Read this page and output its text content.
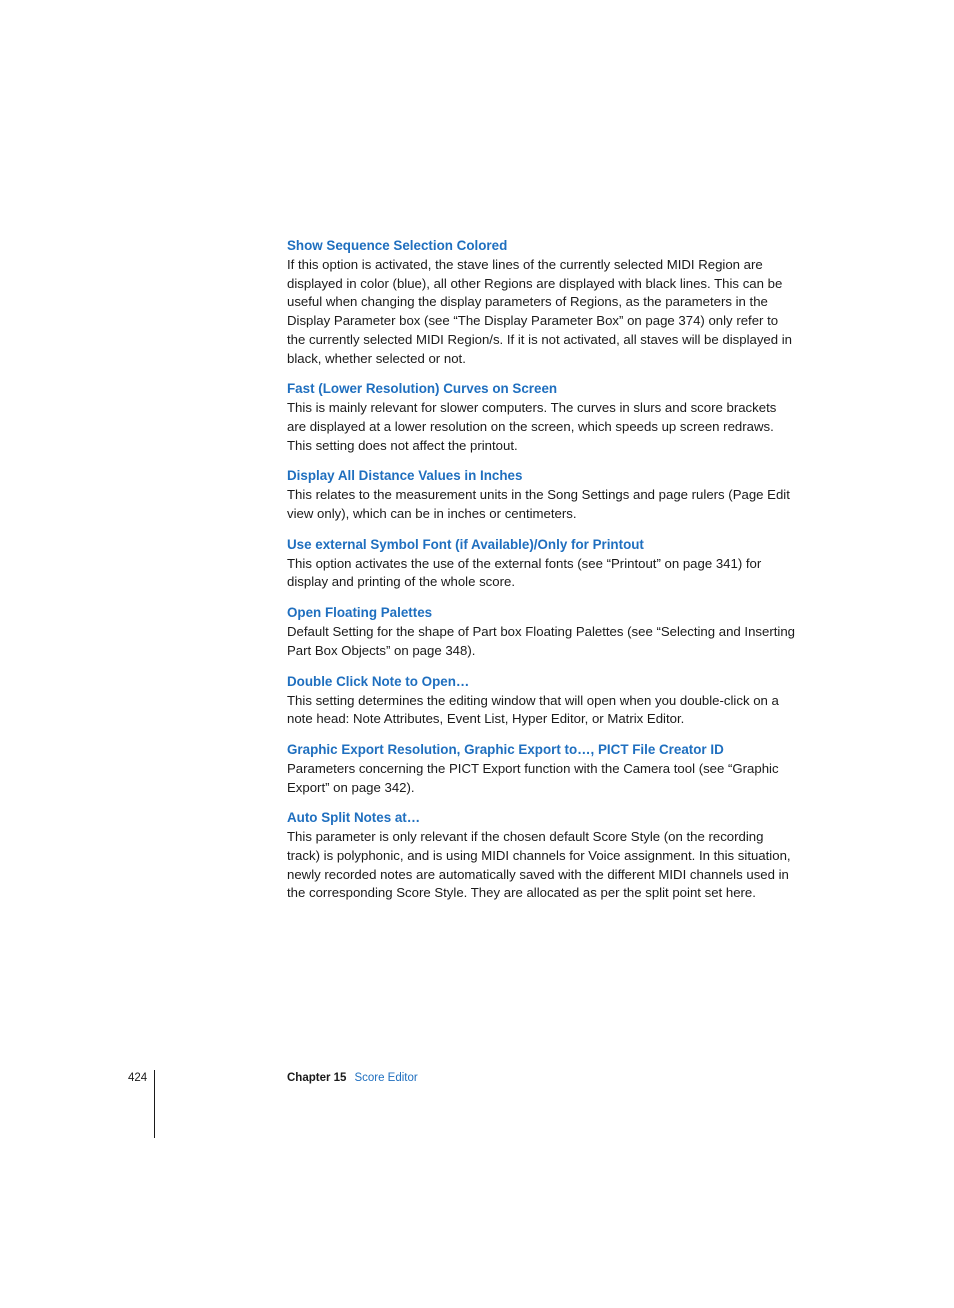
Show Sequence Selection Colored

If this option is activated, the stave lines of the currently selected MIDI Region are displayed in color (blue), all other Regions are displayed with black lines. This can be useful when changing the display parameters of Regions, as the parameters in the Display Parameter box (see “The Display Parameter Box” on page 374) only refer to the currently selected MIDI Region/s. If it is not activated, all staves will be displayed in black, whether selected or not.

Fast (Lower Resolution) Curves on Screen

This is mainly relevant for slower computers. The curves in slurs and score brackets are displayed at a lower resolution on the screen, which speeds up screen redraws. This setting does not affect the printout.

Display All Distance Values in Inches

This relates to the measurement units in the Song Settings and page rulers (Page Edit view only), which can be in inches or centimeters.

Use external Symbol Font (if Available)/Only for Printout

This option activates the use of the external fonts (see “Printout” on page 341) for display and printing of the whole score.

Open Floating Palettes

Default Setting for the shape of Part box Floating Palettes (see “Selecting and Inserting Part Box Objects” on page 348).

Double Click Note to Open…

This setting determines the editing window that will open when you double-click on a note head: Note Attributes, Event List, Hyper Editor, or Matrix Editor.

Graphic Export Resolution, Graphic Export to…, PICT File Creator ID

Parameters concerning the PICT Export function with the Camera tool (see “Graphic Export” on page 342).

Auto Split Notes at…

This parameter is only relevant if the chosen default Score Style (on the recording track) is polyphonic, and is using MIDI channels for Voice assignment. In this situation, newly recorded notes are automatically saved with the different MIDI channels used in the corresponding Score Style. They are allocated as per the split point set here.

424	Chapter 15 Score Editor
